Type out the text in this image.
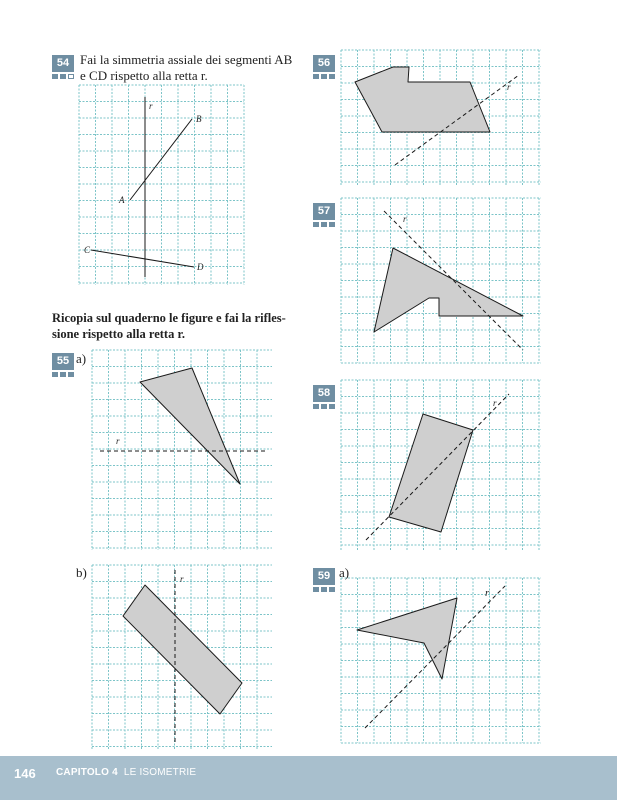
54 Fai la simmetria assiale dei segmenti AB
e CD rispetto alla retta r.
r
A
B
C
D
Ricopia sul quaderno le figure e fai la rifles-
sione rispetto alla retta r.
55 a)
r
b)	r
56
r
57
r
58
r
59 a)
r
146 CAPITOLO 4 LE ISOMETRIE
